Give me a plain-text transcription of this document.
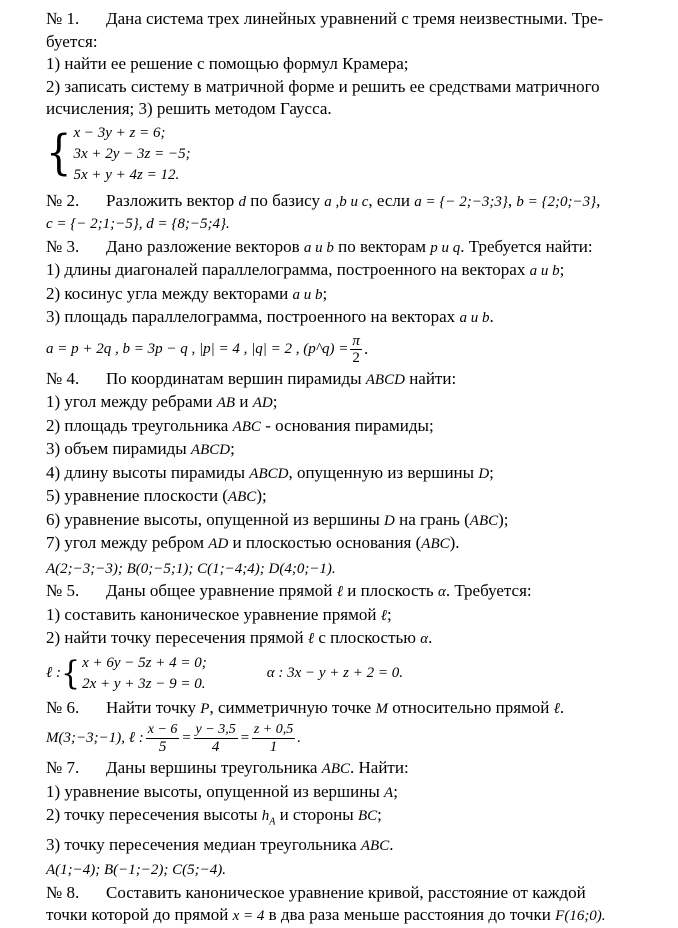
№ 1. Дана система трех линейных уравнений с тремя неизвестными. Тре-

буется:

1) найти ее решение с помощью формул Крамера;

2) записать систему в матричной форме и решить ее средствами матричного

исчисления; 3) решить методом Гаусса.

{ x − 3y + z = 6;
3x + 2y − 3z = −5;
5x + y + 4z = 12.

№ 2. Разложить вектор d по базису a ,b и c, если a = {− 2;−3;3}, b = {2;0;−3},

c = {− 2;1;−5}, d = {8;−5;4}.

№ 3. Дано разложение векторов a и b по векторам p и q. Требуется найти:

1) длины диагоналей параллелограмма, построенного на векторах a и b;

2) косинус угла между векторами a и b;

3) площадь параллелограмма, построенного на векторах a и b.

a = p + 2q , b = 3p − q , |p| = 4 , |q| = 2 , (p^q) = $\frac{\pi}{2}$ .

№ 4. По координатам вершин пирамиды ABCD найти:

1) угол между ребрами AB и AD;

2) площадь треугольника ABC - основания пирамиды;

3) объем пирамиды ABCD;

4) длину высоты пирамиды ABCD, опущенную из вершины D;

5) уравнение плоскости (ABC);

6) уравнение высоты, опущенной из вершины D на грань (ABC);

7) угол между ребром AD и плоскостью основания (ABC).

A(2;−3;−3); B(0;−5;1); C(1;−4;4); D(4;0;−1).

№ 5. Даны общее уравнение прямой ℓ и плоскость α. Требуется:

1) составить каноническое уравнение прямой ℓ;

2) найти точку пересечения прямой ℓ с плоскостью α.

ℓ : { x + 6y − 5z + 4 = 0;
2x + y + 3z − 9 = 0.
α : 3x − y + z + 2 = 0.

№ 6. Найти точку P, симметричную точке M относительно прямой ℓ.

M(3;−3;−1),
ℓ : $\frac{x - 6}{5} = \frac{y - 3,5}{4} = \frac{z + 0,5}{1}$ .

№ 7. Даны вершины треугольника ABC. Найти:

1) уравнение высоты, опущенной из вершины A;

2) точку пересечения высоты $h_A$ и стороны BC;

3) точку пересечения медиан треугольника ABC.

A(1;−4); B(−1;−2); C(5;−4).

№ 8. Составить каноническое уравнение кривой, расстояние от каждой

точки которой до прямой x = 4 в два раза меньше расстояния до точки F(16;0).
